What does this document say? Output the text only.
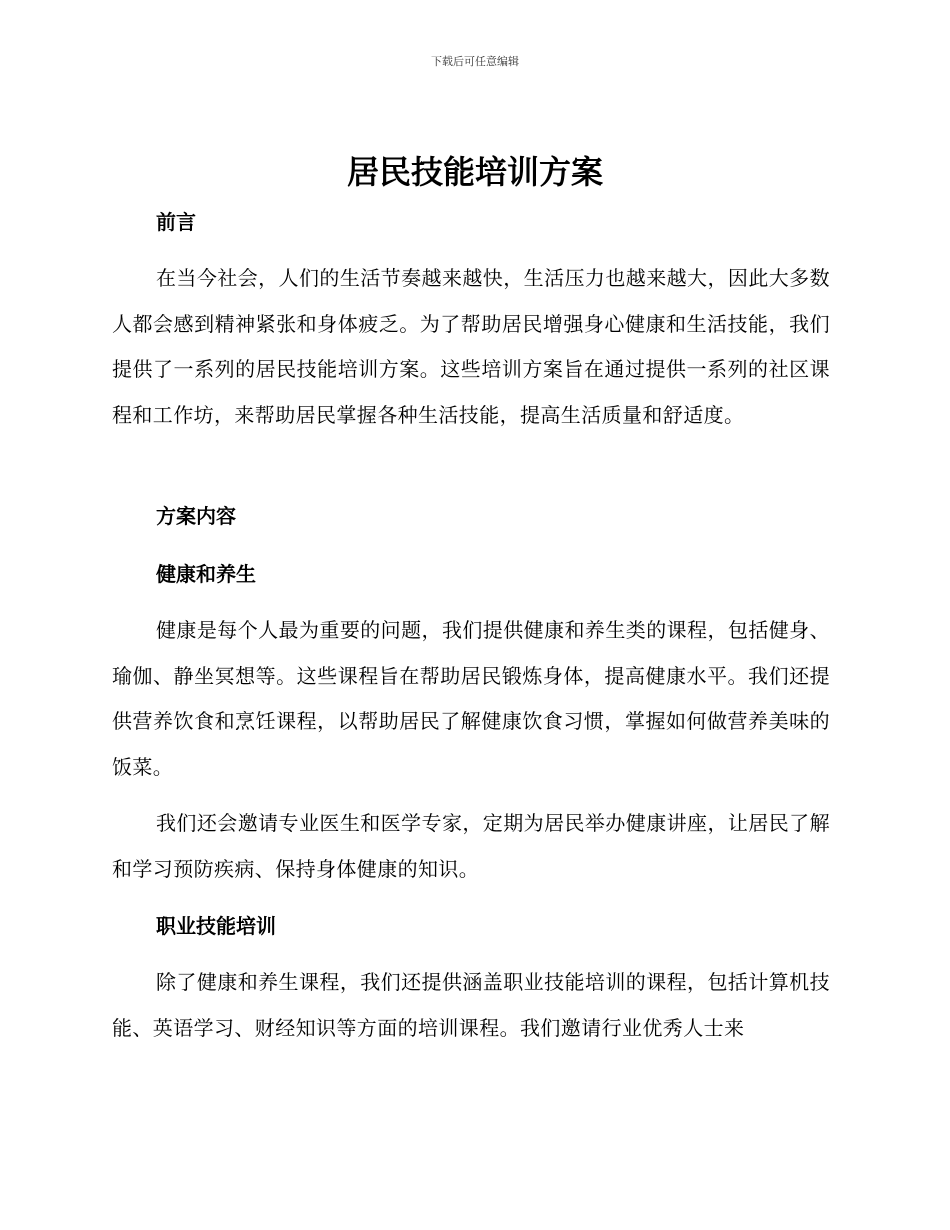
下载后可任意编辑
居民技能培训方案
前言

在当今社会，人们的生活节奏越来越快，生活压力也越来越大，因此大多数人都会感到精神紧张和身体疲乏。为了帮助居民增强身心健康和生活技能，我们提供了一系列的居民技能培训方案。这些培训方案旨在通过提供一系列的社区课程和工作坊，来帮助居民掌握各种生活技能，提高生活质量和舒适度。

方案内容
健康和养生

健康是每个人最为重要的问题，我们提供健康和养生类的课程，包括健身、瑜伽、静坐冥想等。这些课程旨在帮助居民锻炼身体，提高健康水平。我们还提供营养饮食和烹饪课程，以帮助居民了解健康饮食习惯，掌握如何做营养美味的饭菜。

我们还会邀请专业医生和医学专家，定期为居民举办健康讲座，让居民了解和学习预防疾病、保持身体健康的知识。

职业技能培训

除了健康和养生课程，我们还提供涵盖职业技能培训的课程，包括计算机技能、英语学习、财经知识等方面的培训课程。我们邀请行业优秀人士来
